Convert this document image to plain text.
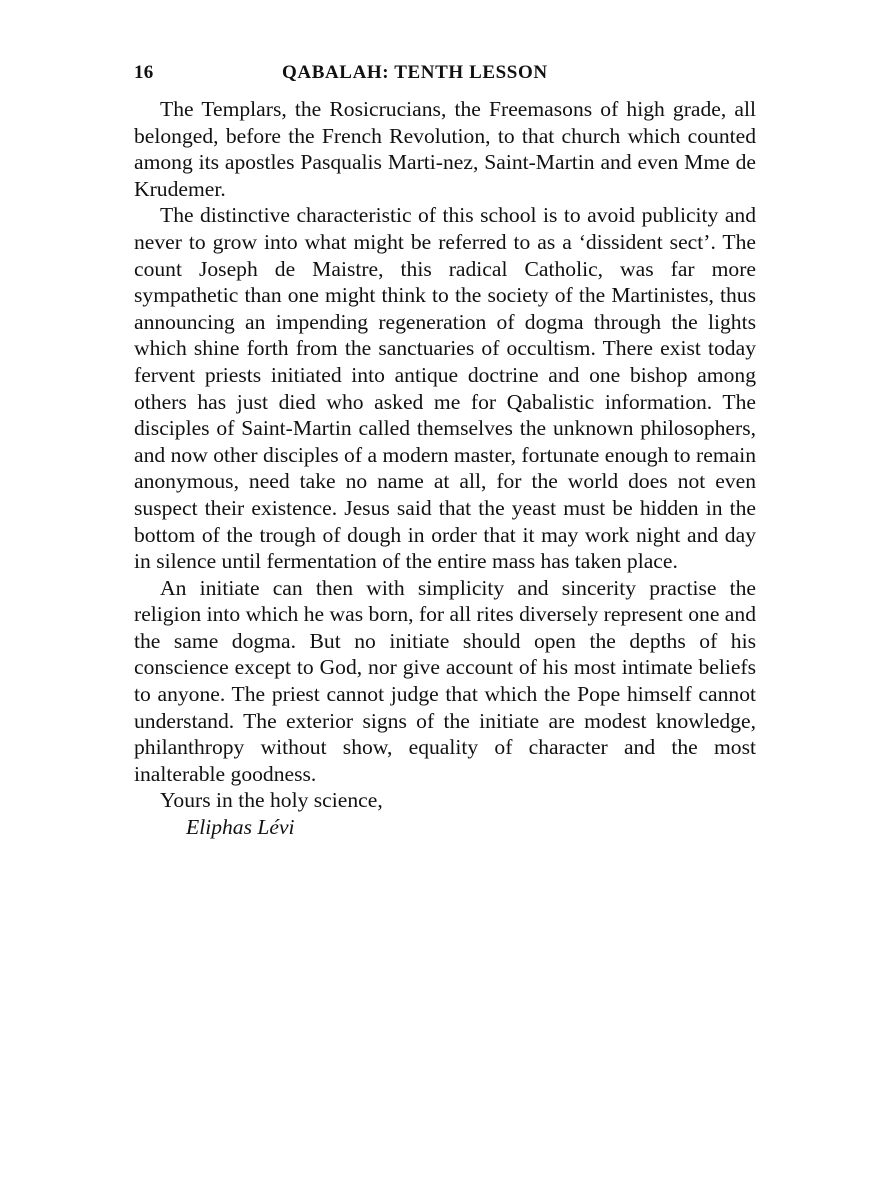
16	QABALAH: TENTH LESSON

The Templars, the Rosicrucians, the Freemasons of high grade, all belonged, before the French Revolution, to that church which counted among its apostles Pasqualis Marti-nez, Saint-Martin and even Mme de Krudemer.

The distinctive characteristic of this school is to avoid publicity and never to grow into what might be referred to as a ‘dissident sect’. The count Joseph de Maistre, this radical Catholic, was far more sympathetic than one might think to the society of the Martinistes, thus announcing an impending regeneration of dogma through the lights which shine forth from the sanctuaries of occultism. There exist today fervent priests initiated into antique doctrine and one bishop among others has just died who asked me for Qabalistic information. The disciples of Saint-Martin called themselves the unknown philosophers, and now other disciples of a modern master, fortunate enough to remain anonymous, need take no name at all, for the world does not even suspect their existence. Jesus said that the yeast must be hidden in the bottom of the trough of dough in order that it may work night and day in silence until fermentation of the entire mass has taken place.

An initiate can then with simplicity and sincerity practise the religion into which he was born, for all rites diversely represent one and the same dogma. But no initiate should open the depths of his conscience except to God, nor give account of his most intimate beliefs to anyone. The priest cannot judge that which the Pope himself cannot understand. The exterior signs of the initiate are modest knowledge, philanthropy without show, equality of character and the most inalterable goodness.

Yours in the holy science,

Eliphas Lévi
